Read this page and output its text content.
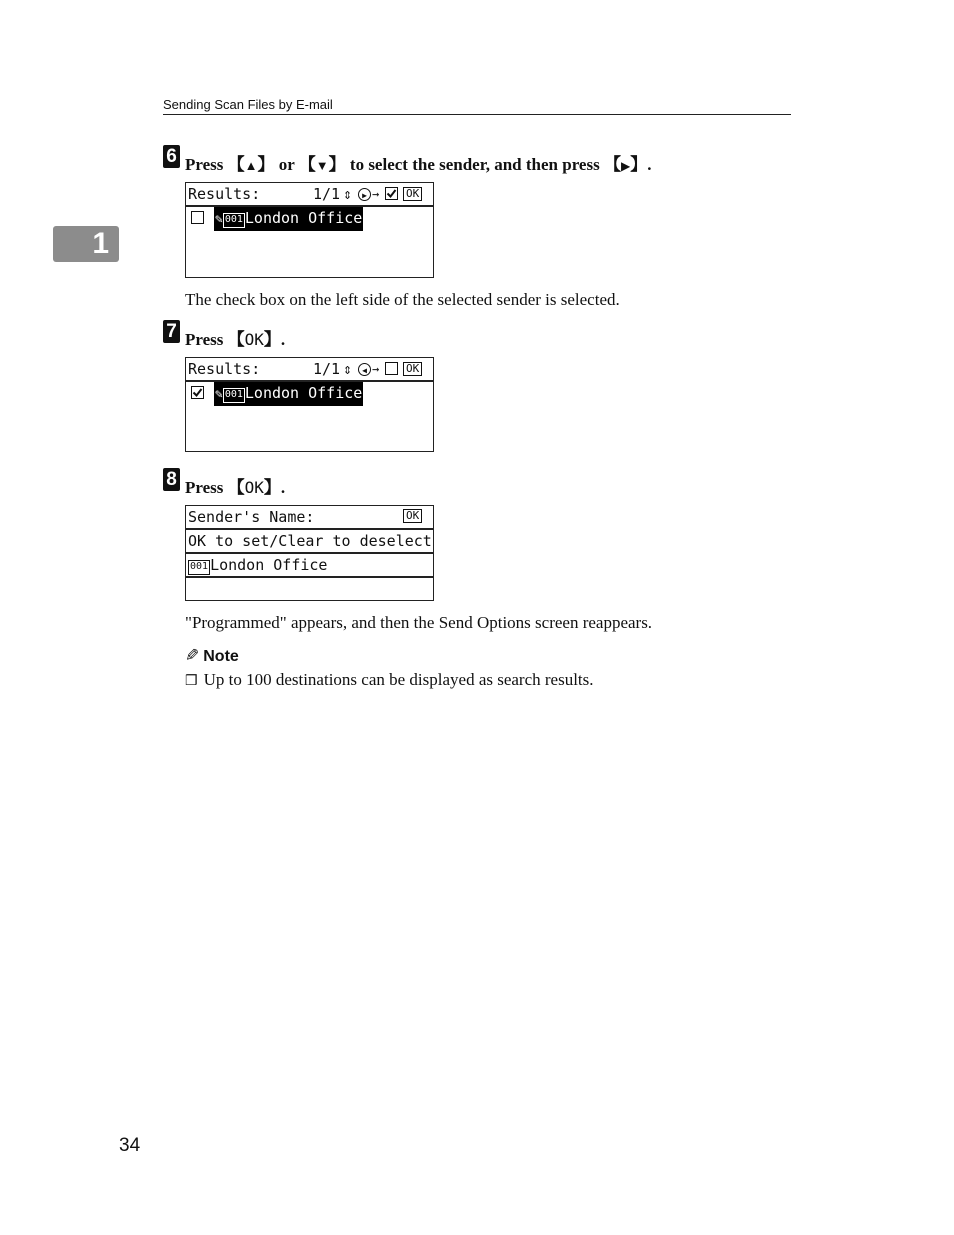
Sending Scan Files by E-mail
1
6 Press 【▲】 or 【▼】 to select the sender, and then press 【▶】.
Results:	1/1 ⇕	▶ → OK
✎ 001 London Office
The check box on the left side of the selected sender is selected.
7 Press 【OK】.
Results:	1/1 ⇕	◀ → OK
✎ 001 London Office
8 Press 【OK】.
Sender's Name:	OK
OK to set/Clear to deselect
001 London Office
"Programmed" appears, and then the Send Options screen reappears.
✎ Note
❒ Up to 100 destinations can be displayed as search results.
34
